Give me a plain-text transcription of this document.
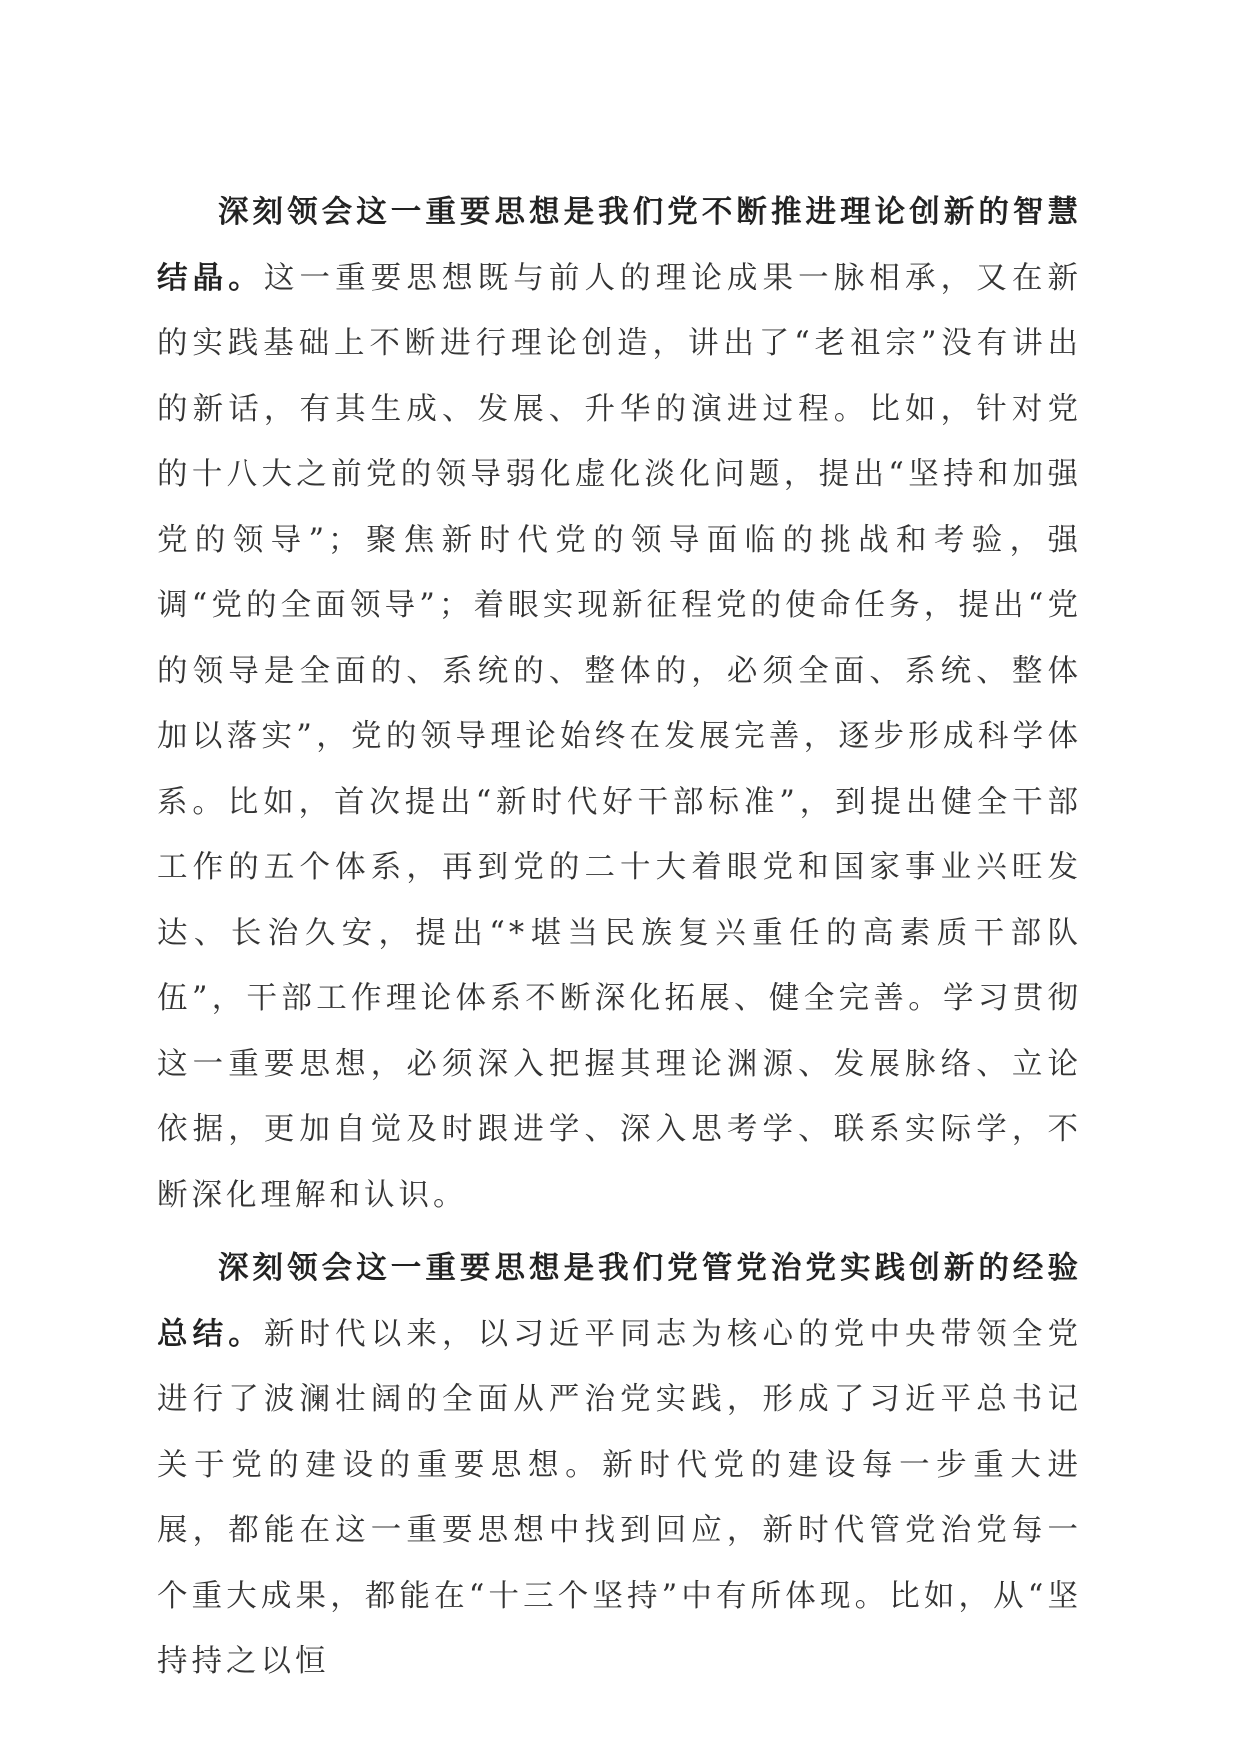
深刻领会这一重要思想是我们党不断推进理论创新的智慧结晶。这一重要思想既与前人的理论成果一脉相承，又在新的实践基础上不断进行理论创造，讲出了“老祖宗”没有讲出的新话，有其生成、发展、升华的演进过程。比如，针对党的十八大之前党的领导弱化虚化淡化问题，提出“坚持和加强党的领导”；聚焦新时代党的领导面临的挑战和考验，强调“党的全面领导”；着眼实现新征程党的使命任务，提出“党的领导是全面的、系统的、整体的，必须全面、系统、整体加以落实”，党的领导理论始终在发展完善，逐步形成科学体系。比如，首次提出“新时代好干部标准”，到提出健全干部工作的五个体系，再到党的二十大着眼党和国家事业兴旺发达、长治久安，提出“*堪当民族复兴重任的高素质干部队伍”，干部工作理论体系不断深化拓展、健全完善。学习贯彻这一重要思想，必须深入把握其理论渊源、发展脉络、立论依据，更加自觉及时跟进学、深入思考学、联系实际学，不断深化理解和认识。

深刻领会这一重要思想是我们党管党治党实践创新的经验总结。新时代以来，以习近平同志为核心的党中央带领全党进行了波澜壮阔的全面从严治党实践，形成了习近平总书记关于党的建设的重要思想。新时代党的建设每一步重大进展，都能在这一重要思想中找到回应，新时代管党治党每一个重大成果，都能在“十三个坚持”中有所体现。比如，从“坚持持之以恒
